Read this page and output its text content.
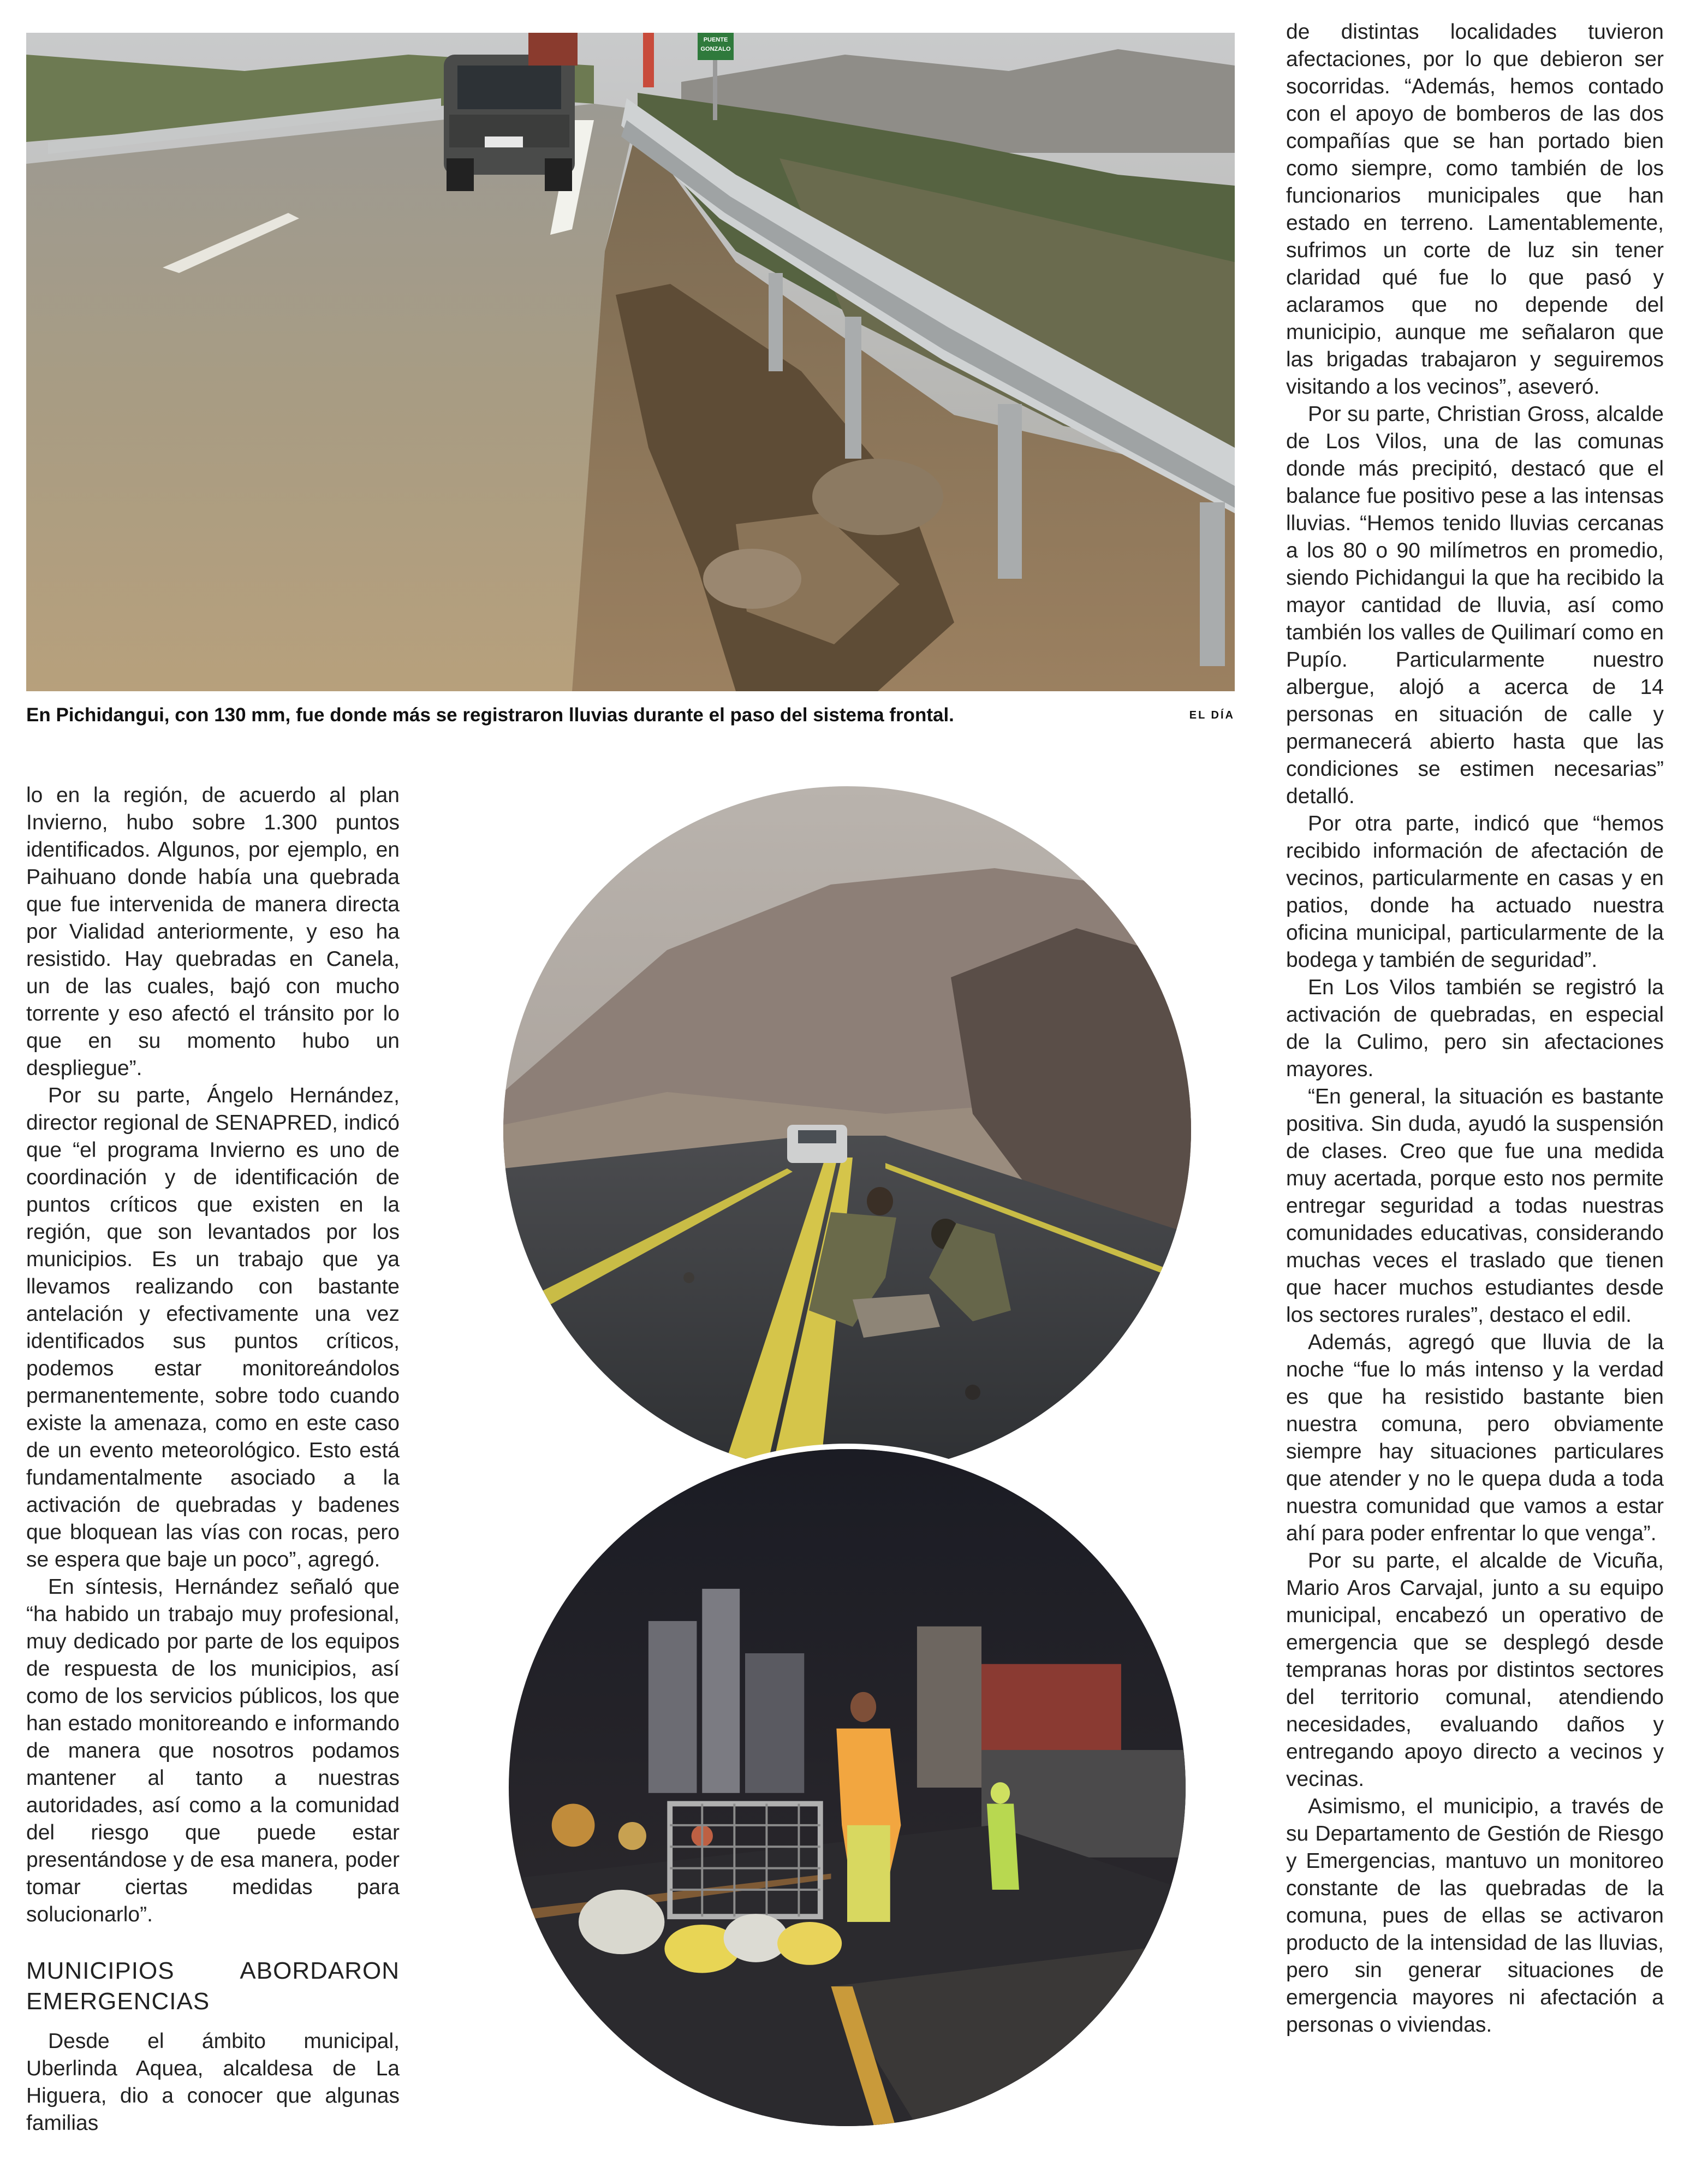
PUENTE
GONZALO
En Pichidangui, con 130 mm, fue donde más se registraron lluvias durante el paso del sistema frontal.	EL DÍA

lo en la región, de acuerdo al plan Invierno, hubo sobre 1.300 puntos identificados. Algunos, por ejemplo, en Paihuano donde había una quebrada que fue intervenida de manera directa por Vialidad anteriormente, y eso ha resistido. Hay quebradas en Canela, un de las cuales, bajó con mucho torrente y eso afectó el tránsito por lo que en su momento hubo un despliegue”.

Por su parte, Ángelo Hernández, director regional de SENAPRED, indicó que “el programa Invierno es uno de coordinación y de identificación de puntos críticos que existen en la región, que son levantados por los municipios. Es un trabajo que ya llevamos realizando con bastante antelación y efectivamente una vez identificados sus puntos críticos, podemos estar monitoreándolos permanentemente, sobre todo cuando existe la amenaza, como en este caso de un evento meteorológico. Esto está fundamentalmente asociado a la activación de quebradas y badenes que bloquean las vías con rocas, pero se espera que baje un poco”, agregó.

En síntesis, Hernández señaló que “ha habido un trabajo muy profesional, muy dedicado por parte de los equipos de respuesta de los municipios, así como de los servicios públicos, los que han estado monitoreando e informando de manera que nosotros podamos mantener al tanto a nuestras autoridades, así como a la comunidad del riesgo que puede estar presentándose y de esa manera, poder tomar ciertas medidas para solucionarlo”.

MUNICIPIOS ABORDARON EMERGENCIAS

Desde el ámbito municipal, Uberlinda Aquea, alcaldesa de La Higuera, dio a conocer que algunas familias

de distintas localidades tuvieron afectaciones, por lo que debieron ser socorridas. “Además, hemos contado con el apoyo de bomberos de las dos compañías que se han portado bien como siempre, como también de los funcionarios municipales que han estado en terreno. Lamentablemente, sufrimos un corte de luz sin tener claridad qué fue lo que pasó y aclaramos que no depende del municipio, aunque me señalaron que las brigadas trabajaron y seguiremos visitando a los vecinos”, aseveró.

Por su parte, Christian Gross, alcalde de Los Vilos, una de las comunas donde más precipitó, destacó que el balance fue positivo pese a las intensas lluvias. “Hemos tenido lluvias cercanas a los 80 o 90 milímetros en promedio, siendo Pichidangui la que ha recibido la mayor cantidad de lluvia, así como también los valles de Quilimarí como en Pupío. Particularmente nuestro albergue, alojó a acerca de 14 personas en situación de calle y permanecerá abierto hasta que las condiciones se estimen necesarias” detalló.

Por otra parte, indicó que “hemos recibido información de afectación de vecinos, particularmente en casas y en patios, donde ha actuado nuestra oficina municipal, particularmente de la bodega y también de seguridad”.

En Los Vilos también se registró la activación de quebradas, en especial de la Culimo, pero sin afectaciones mayores.

“En general, la situación es bastante positiva. Sin duda, ayudó la suspensión de clases. Creo que fue una medida muy acertada, porque esto nos permite entregar seguridad a todas nuestras comunidades educativas, considerando muchas veces el traslado que tienen que hacer muchos estudiantes desde los sectores rurales”, destaco el edil.

Además, agregó que lluvia de la noche “fue lo más intenso y la verdad es que ha resistido bastante bien nuestra comuna, pero obviamente siempre hay situaciones particulares que atender y no le quepa duda a toda nuestra comunidad que vamos a estar ahí para poder enfrentar lo que venga”.

Por su parte, el alcalde de Vicuña, Mario Aros Carvajal, junto a su equipo municipal, encabezó un operativo de emergencia que se desplegó desde tempranas horas por distintos sectores del territorio comunal, atendiendo necesidades, evaluando daños y entregando apoyo directo a vecinos y vecinas.

Asimismo, el municipio, a través de su Departamento de Gestión de Riesgo y Emergencias, mantuvo un monitoreo constante de las quebradas de la comuna, pues de ellas se activaron producto de la intensidad de las lluvias, pero sin generar situaciones de emergencia mayores ni afectación a personas o viviendas.
